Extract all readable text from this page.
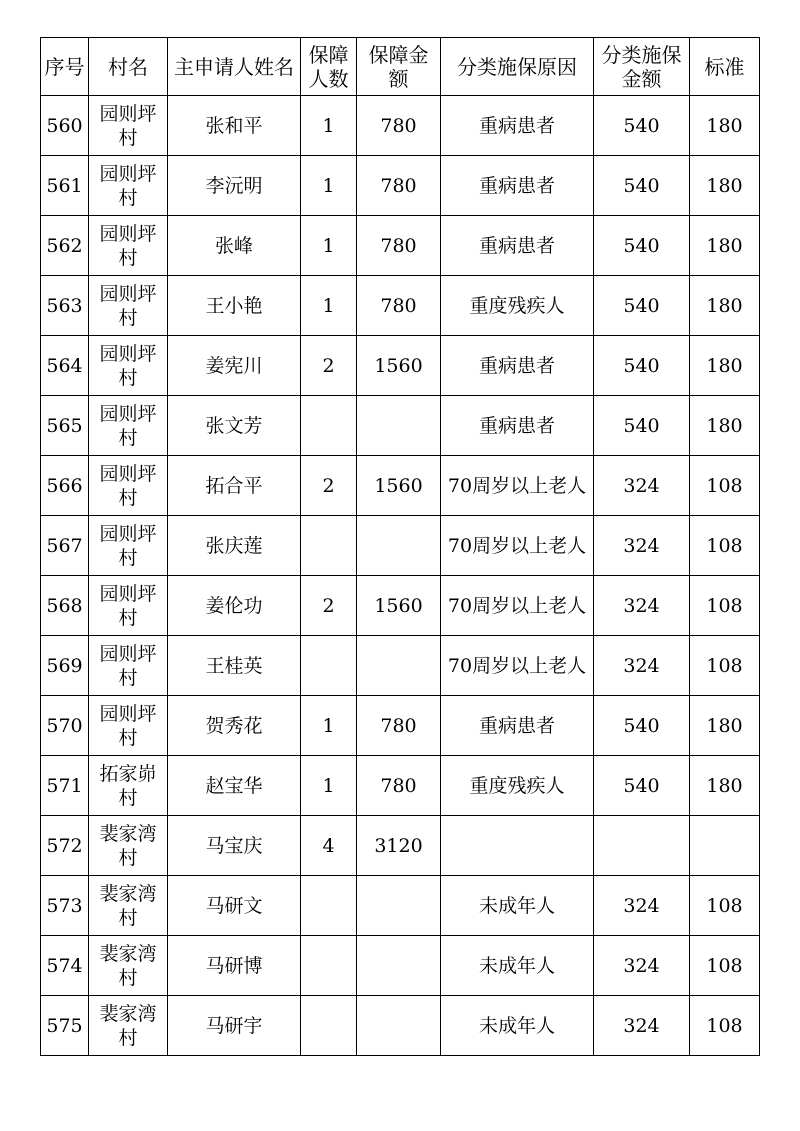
序号	村名	主申请人姓名	保障人数	保障金额	分类施保原因	分类施保金额	标准
560	园则坪村	张和平	1	780	重病患者	540	180
561	园则坪村	李沅明	1	780	重病患者	540	180
562	园则坪村	张峰	1	780	重病患者	540	180
563	园则坪村	王小艳	1	780	重度残疾人	540	180
564	园则坪村	姜宪川	2	1560	重病患者	540	180
565	园则坪村	张文芳			重病患者	540	180
566	园则坪村	拓合平	2	1560	70周岁以上老人	324	108
567	园则坪村	张庆莲			70周岁以上老人	324	108
568	园则坪村	姜伦功	2	1560	70周岁以上老人	324	108
569	园则坪村	王桂英			70周岁以上老人	324	108
570	园则坪村	贺秀花	1	780	重病患者	540	180
571	拓家峁村	赵宝华	1	780	重度残疾人	540	180
572	裴家湾村	马宝庆	4	3120			
573	裴家湾村	马研文			未成年人	324	108
574	裴家湾村	马研博			未成年人	324	108
575	裴家湾村	马研宇			未成年人	324	108
